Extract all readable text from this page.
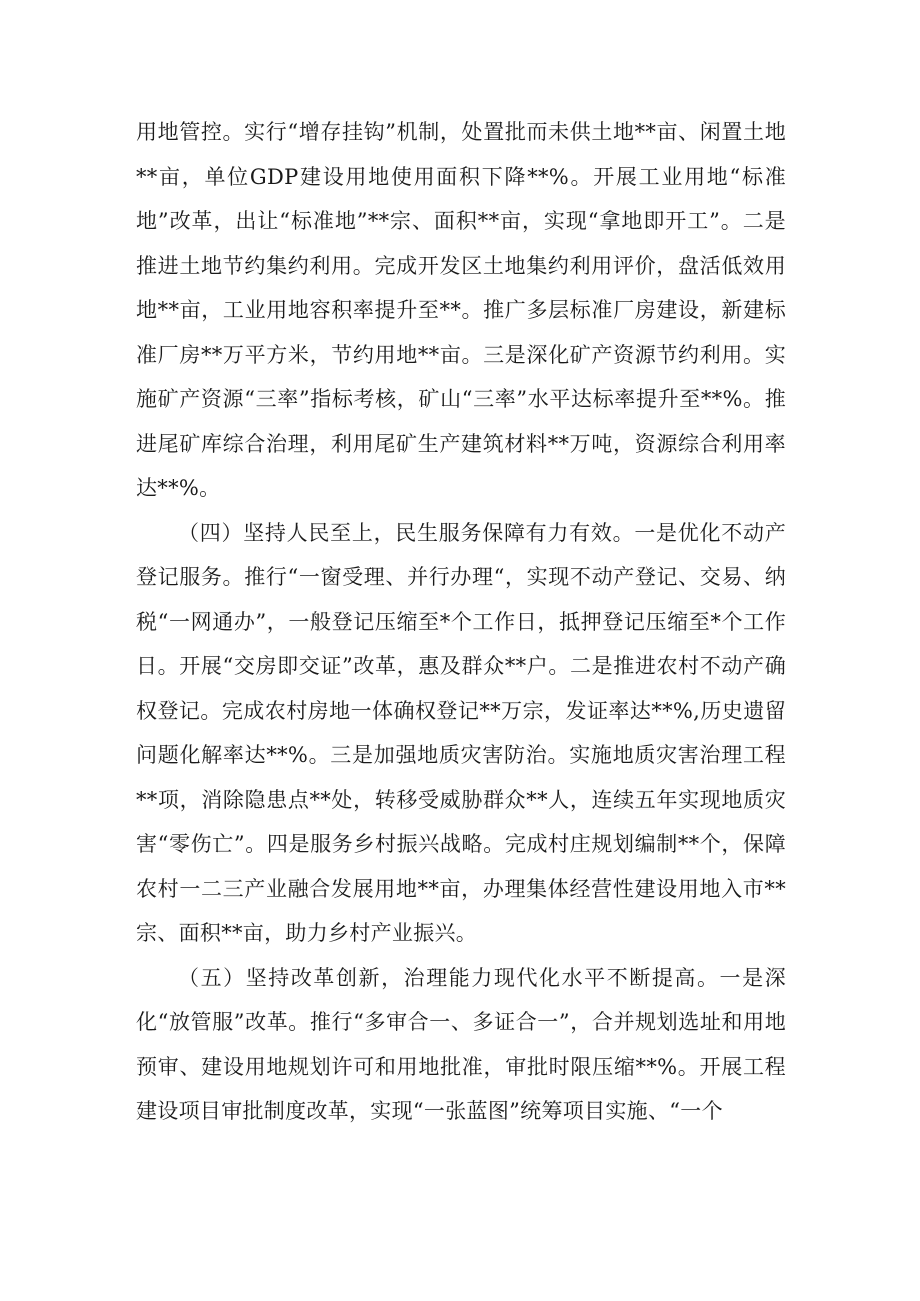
用地管控。实行“增存挂钩”机制，处置批而未供土地**亩、闲置土地**亩，单位GDP建设用地使用面积下降**%。开展工业用地“标准地”改革，出让“标准地”**宗、面积**亩，实现“拿地即开工”。二是推进土地节约集约利用。完成开发区土地集约利用评价，盘活低效用地**亩，工业用地容积率提升至**。推广多层标准厂房建设，新建标准厂房**万平方米，节约用地**亩。三是深化矿产资源节约利用。实施矿产资源“三率”指标考核，矿山“三率”水平达标率提升至**%。推进尾矿库综合治理，利用尾矿生产建筑材料**万吨，资源综合利用率达**%。

（四）坚持人民至上，民生服务保障有力有效。一是优化不动产登记服务。推行“一窗受理、并行办理“，实现不动产登记、交易、纳税“一网通办”，一般登记压缩至*个工作日，抵押登记压缩至*个工作日。开展“交房即交证”改革，惠及群众**户。二是推进农村不动产确权登记。完成农村房地一体确权登记**万宗，发证率达**%,历史遗留问题化解率达**%。三是加强地质灾害防治。实施地质灾害治理工程**项，消除隐患点**处，转移受威胁群众**人，连续五年实现地质灾害“零伤亡”。四是服务乡村振兴战略。完成村庄规划编制**个，保障农村一二三产业融合发展用地**亩，办理集体经营性建设用地入市**宗、面积**亩，助力乡村产业振兴。

（五）坚持改革创新，治理能力现代化水平不断提高。一是深化“放管服”改革。推行“多审合一、多证合一”，合并规划选址和用地预审、建设用地规划许可和用地批准，审批时限压缩**%。开展工程建设项目审批制度改革，实现“一张蓝图”统筹项目实施、“一个
